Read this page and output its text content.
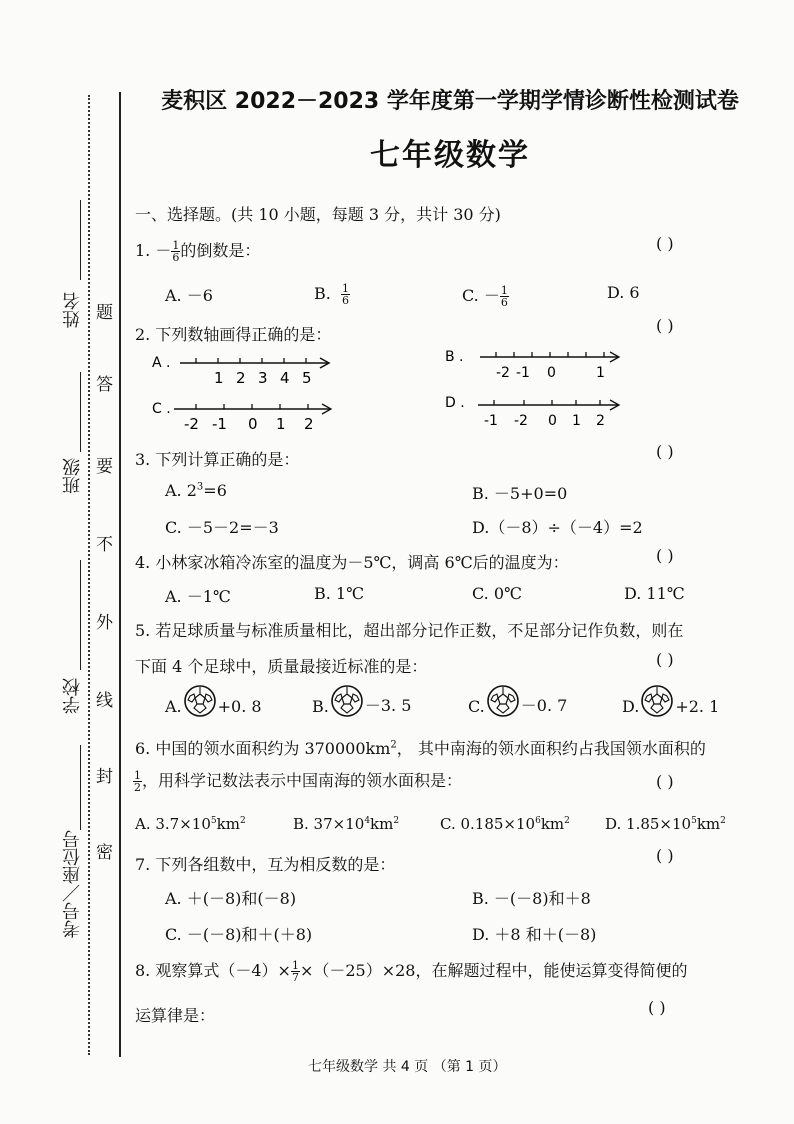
姓名
班级
学校
考号／座位号
题
答
要
不
外
线
封
密
麦积区 2022－2023 学年度第一学期学情诊断性检测试卷
七年级数学
一、选择题。(共 10 小题，每题 3 分，共计 30 分)
1. － $\frac{1}{6}$ 的倒数是：	( )
A. －6	B. $\frac{1}{6}$	C. － $\frac{1}{6}$	D. 6
2. 下列数轴画得正确的是：	( )
A .
1 2 3 4 5
B .
-2 -1 0	1
C .
-2 -1 0 1 2
D .
-1 -2 0 1 2
3. 下列计算正确的是：	( )
A. $2^3=6$	B. －5+0=0
C. －5－2=－3	D.（－8）÷（－4）=2
4. 小林家冰箱冷冻室的温度为－5℃，调高 6℃后的温度为：	( )
A. －1℃	B. 1℃	C. 0℃	D. 11℃
5. 若足球质量与标准质量相比，超出部分记作正数，不足部分记作负数，则在
下面 4 个足球中，质量最接近标准的是：	( )
A. +0. 8	B. －3. 5	C. －0. 7	D. +2. 1
6. 中国的领水面积约为 $370000km^2$， 其中南海的领水面积约占我国领水面积的
$\frac{1}{2}$ ，用科学记数法表示中国南海的领水面积是：	( )
A. $3.7\times 10^5km^2$	B. $37\times 10^4km^2$	C. $0.185\times 10^6km^2$ D. $1.85\times 10^5km^2$
7. 下列各组数中，互为相反数的是：	( )
A. ＋(－8)和(－8)	B. －(－8)和＋8
C. －(－8)和＋(＋8)	D. ＋8 和＋(－8)
8. 观察算式$(-4)\times \frac{1}{7} \times(-25)\times 28$，在解题过程中，能使运算变得简便的
运算律是：	( )
七年级数学 共 4 页 （第 1 页）
